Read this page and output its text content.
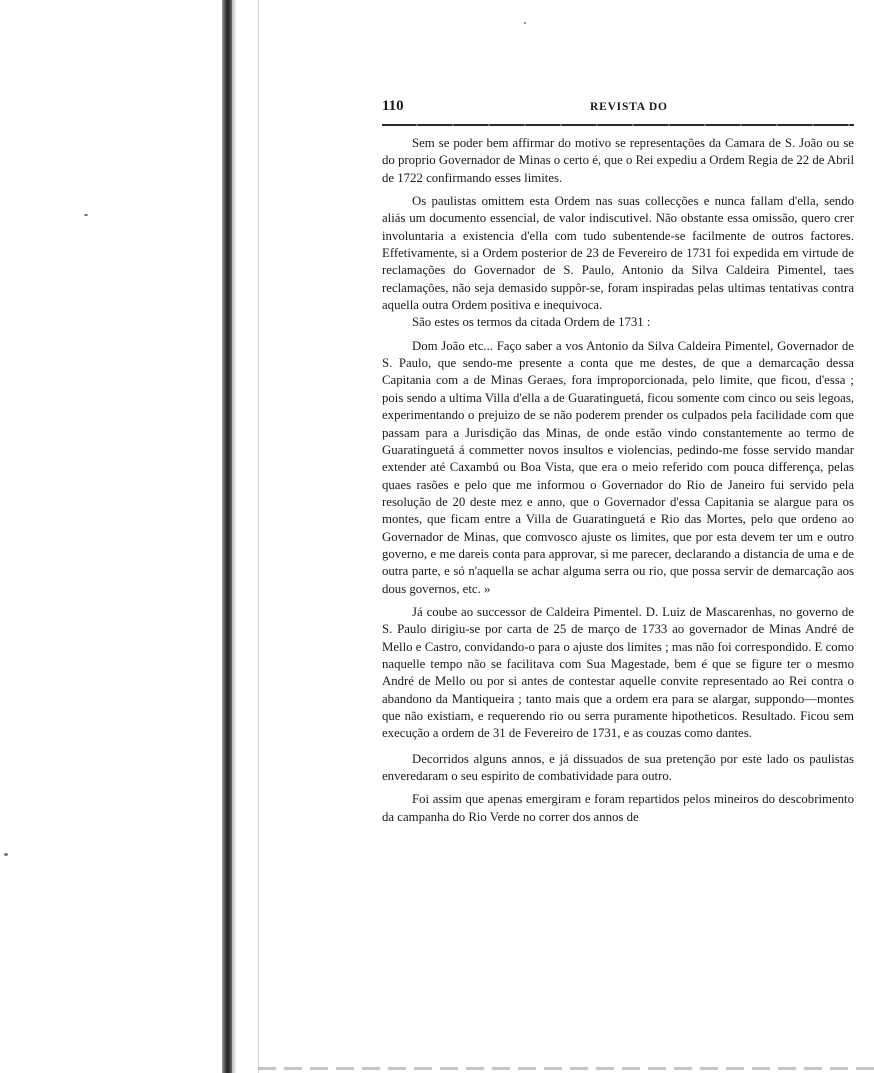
110	REVISTA DO

Sem se poder bem affirmar do motivo se representações da Camara de S. João ou se do proprio Governador de Minas o certo é, que o Rei expediu a Ordem Regia de 22 de Abril de 1722 confirmando esses limites.

Os paulistas omittem esta Ordem nas suas collecções e nunca fallam d'ella, sendo aliás um documento essencial, de valor indiscutivel. Não obstante essa omissão, quero crer involuntaria a existencia d'ella com tudo subentende-se facilmente de outros factores. Effetivamente, si a Ordem posterior de 23 de Fevereiro de 1731 foi expedida em virtude de reclamações do Governador de S. Paulo, Antonio da Silva Caldeira Pimentel, taes reclamações, não seja demasido suppôr-se, foram inspiradas pelas ultimas tentativas contra aquella outra Ordem positiva e inequivoca.

São estes os termos da citada Ordem de 1731 :

Dom João etc... Faço saber a vos Antonio da Silva Caldeira Pimentel, Governador de S. Paulo, que sendo-me presente a conta que me destes, de que a demarcação dessa Capitania com a de Minas Geraes, fora improporcionada, pelo limite, que ficou, d'essa ; pois sendo a ultima Villa d'ella a de Guaratinguetá, ficou somente com cinco ou seis legoas, experimentando o prejuizo de se não poderem prender os culpados pela facilidade com que passam para a Jurisdição das Minas, de onde estão vindo constantemente ao termo de Guaratinguetá á commetter novos insultos e violencias, pedindo-me fosse servido mandar extender até Caxambú ou Boa Vista, que era o meio referido com pouca differença, pelas quaes rasões e pelo que me informou o Governador do Rio de Janeiro fui servido pela resolução de 20 deste mez e anno, que o Governador d'essa Capitania se alargue para os montes, que ficam entre a Villa de Guaratinguetá e Rio das Mortes, pelo que ordeno ao Governador de Minas, que comvosco ajuste os limites, que por esta devem ter um e outro governo, e me dareis conta para approvar, si me parecer, declarando a distancia de uma e de outra parte, e só n'aquella se achar alguma serra ou rio, que possa servir de demarcação aos dous governos, etc. »

Já coube ao successor de Caldeira Pimentel. D. Luiz de Mascarenhas, no governo de S. Paulo dirigiu-se por carta de 25 de março de 1733 ao governador de Minas André de Mello e Castro, convidando-o para o ajuste dos limites ; mas não foi correspondido. E como naquelle tempo não se facilitava com Sua Magestade, bem é que se figure ter o mesmo André de Mello ou por si antes de contestar aquelle convite representado ao Rei contra o abandono da Mantiqueira ; tanto mais que a ordem era para se alargar, suppondo—montes que não existiam, e requerendo rio ou serra puramente hipotheticos. Resultado. Ficou sem execução a ordem de 31 de Fevereiro de 1731, e as couzas como dantes.

Decorridos alguns annos, e já dissuados de sua pretenção por este lado os paulistas enveredaram o seu espirito de combatividade para outro.

Foi assim que apenas emergiram e foram repartidos pelos mineiros do descobrimento da campanha do Rio Verde no correr dos annos de
